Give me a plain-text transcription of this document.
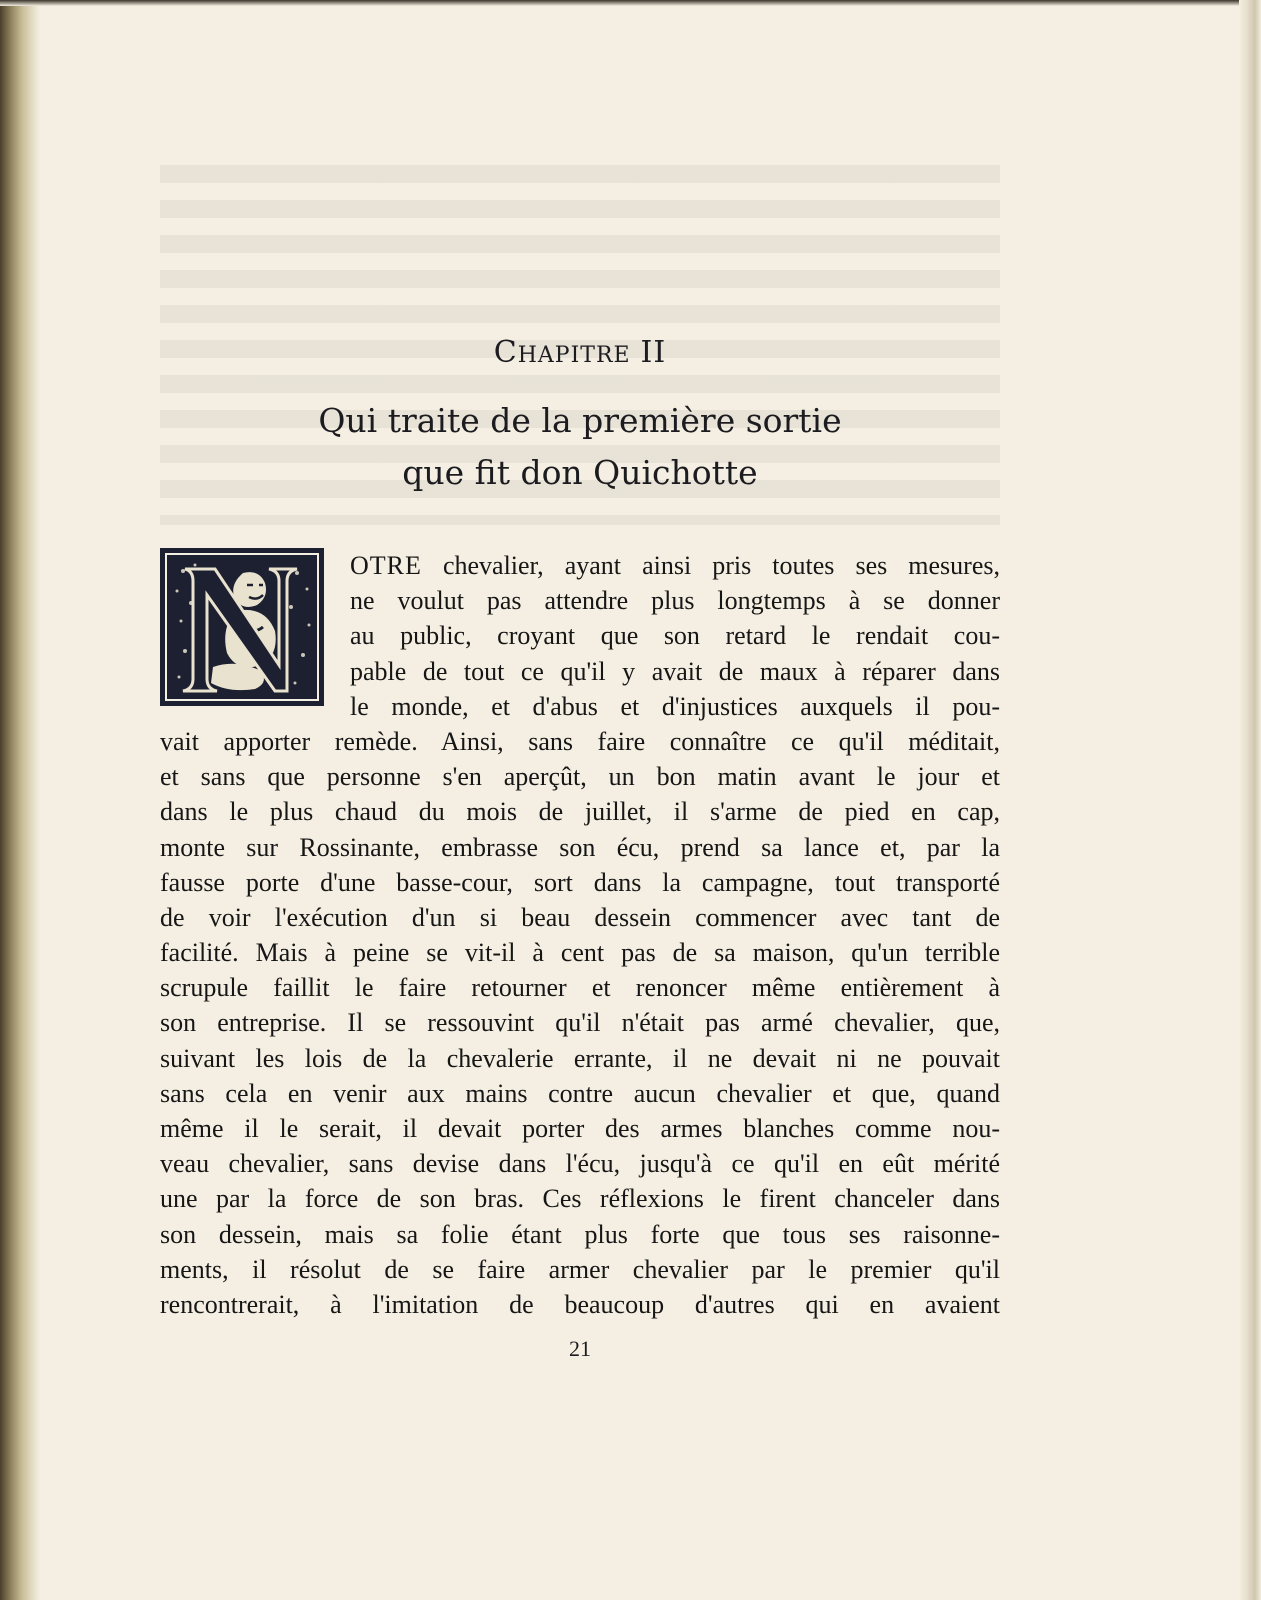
CHAPITRE II
Qui traite de la première sortie
que fit don Quichotte
OTRE chevalier, ayant ainsi pris toutes ses mesures,
ne voulut pas attendre plus longtemps à se donner
au public, croyant que son retard le rendait cou-
pable de tout ce qu'il y avait de maux à réparer dans
le monde, et d'abus et d'injustices auxquels il pou-
vait apporter remède. Ainsi, sans faire connaître ce qu'il méditait,
et sans que personne s'en aperçût, un bon matin avant le jour et
dans le plus chaud du mois de juillet, il s'arme de pied en cap,
monte sur Rossinante, embrasse son écu, prend sa lance et, par la
fausse porte d'une basse-cour, sort dans la campagne, tout transporté
de voir l'exécution d'un si beau dessein commencer avec tant de
facilité. Mais à peine se vit-il à cent pas de sa maison, qu'un terrible
scrupule faillit le faire retourner et renoncer même entièrement à
son entreprise. Il se ressouvint qu'il n'était pas armé chevalier, que,
suivant les lois de la chevalerie errante, il ne devait ni ne pouvait
sans cela en venir aux mains contre aucun chevalier et que, quand
même il le serait, il devait porter des armes blanches comme nou-
veau chevalier, sans devise dans l'écu, jusqu'à ce qu'il en eût mérité
une par la force de son bras. Ces réflexions le firent chanceler dans
son dessein, mais sa folie étant plus forte que tous ses raisonne-
ments, il résolut de se faire armer chevalier par le premier qu'il
rencontrerait, à l'imitation de beaucoup d'autres qui en avaient
21
